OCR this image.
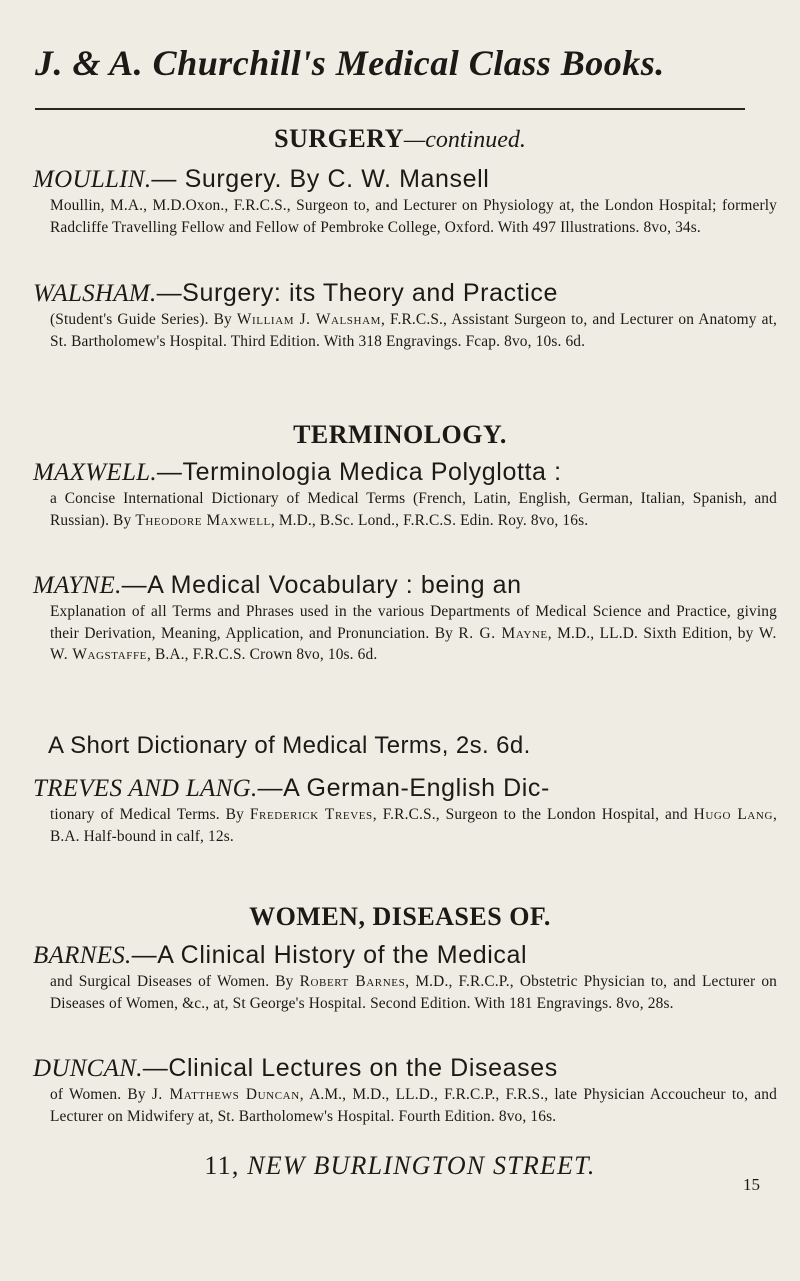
J. & A. Churchill's Medical Class Books.
SURGERY—continued.
MOULLIN.— Surgery. By C. W. Mansell
Moullin, M.A., M.D.Oxon., F.R.C.S., Surgeon to, and Lecturer on Physiology at, the London Hospital; formerly Radcliffe Travelling Fellow and Fellow of Pembroke College, Oxford. With 497 Illustrations. 8vo, 34s.
WALSHAM.—Surgery: its Theory and Practice
(Student's Guide Series). By William J. Walsham, F.R.C.S., Assistant Surgeon to, and Lecturer on Anatomy at, St. Bartholomew's Hospital. Third Edition. With 318 Engravings. Fcap. 8vo, 10s. 6d.
TERMINOLOGY.
MAXWELL.—Terminologia Medica Polyglotta :
a Concise International Dictionary of Medical Terms (French, Latin, English, German, Italian, Spanish, and Russian). By Theodore Maxwell, M.D., B.Sc. Lond., F.R.C.S. Edin. Roy. 8vo, 16s.
MAYNE.—A Medical Vocabulary : being an
Explanation of all Terms and Phrases used in the various Departments of Medical Science and Practice, giving their Derivation, Meaning, Application, and Pronunciation. By R. G. Mayne, M.D., LL.D. Sixth Edition, by W. W. Wagstaffe, B.A., F.R.C.S. Crown 8vo, 10s. 6d.
A Short Dictionary of Medical Terms, 2s. 6d.
TREVES AND LANG.—A German-English Dic-
tionary of Medical Terms. By Frederick Treves, F.R.C.S., Surgeon to the London Hospital, and Hugo Lang, B.A. Half-bound in calf, 12s.
WOMEN, DISEASES OF.
BARNES.—A Clinical History of the Medical
and Surgical Diseases of Women. By Robert Barnes, M.D., F.R.C.P., Obstetric Physician to, and Lecturer on Diseases of Women, &c., at, St George's Hospital. Second Edition. With 181 Engravings. 8vo, 28s.
DUNCAN.—Clinical Lectures on the Diseases
of Women. By J. Matthews Duncan, A.M., M.D., LL.D., F.R.C.P., F.R.S., late Physician Accoucheur to, and Lecturer on Midwifery at, St. Bartholomew's Hospital. Fourth Edition. 8vo, 16s.
11, NEW BURLINGTON STREET.
15
